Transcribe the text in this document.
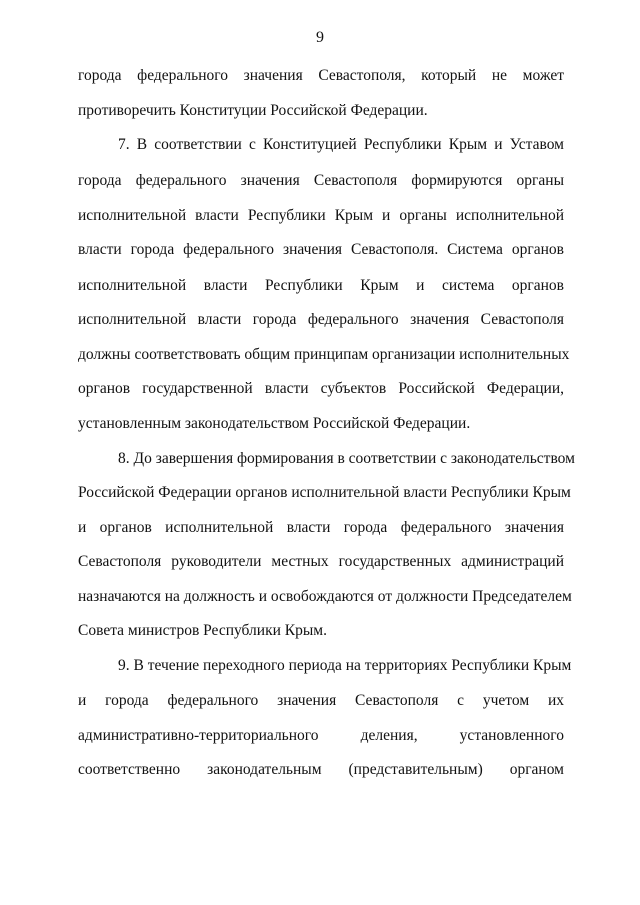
9
города федерального значения Севастополя, который не может
противоречить Конституции Российской Федерации.
7. В соответствии с Конституцией Республики Крым и Уставом
города федерального значения Севастополя формируются органы
исполнительной власти Республики Крым и органы исполнительной
власти города федерального значения Севастополя. Система органов
исполнительной власти Республики Крым и система органов
исполнительной власти города федерального значения Севастополя
должны соответствовать общим принципам организации исполнительных
органов государственной власти субъектов Российской Федерации,
установленным законодательством Российской Федерации.
8. До завершения формирования в соответствии с законодательством
Российской Федерации органов исполнительной власти Республики Крым
и органов исполнительной власти города федерального значения
Севастополя руководители местных государственных администраций
назначаются на должность и освобождаются от должности Председателем
Совета министров Республики Крым.
9. В течение переходного периода на территориях Республики Крым
и города федерального значения Севастополя с учетом их
административно-территориального деления, установленного
соответственно законодательным (представительным) органом
